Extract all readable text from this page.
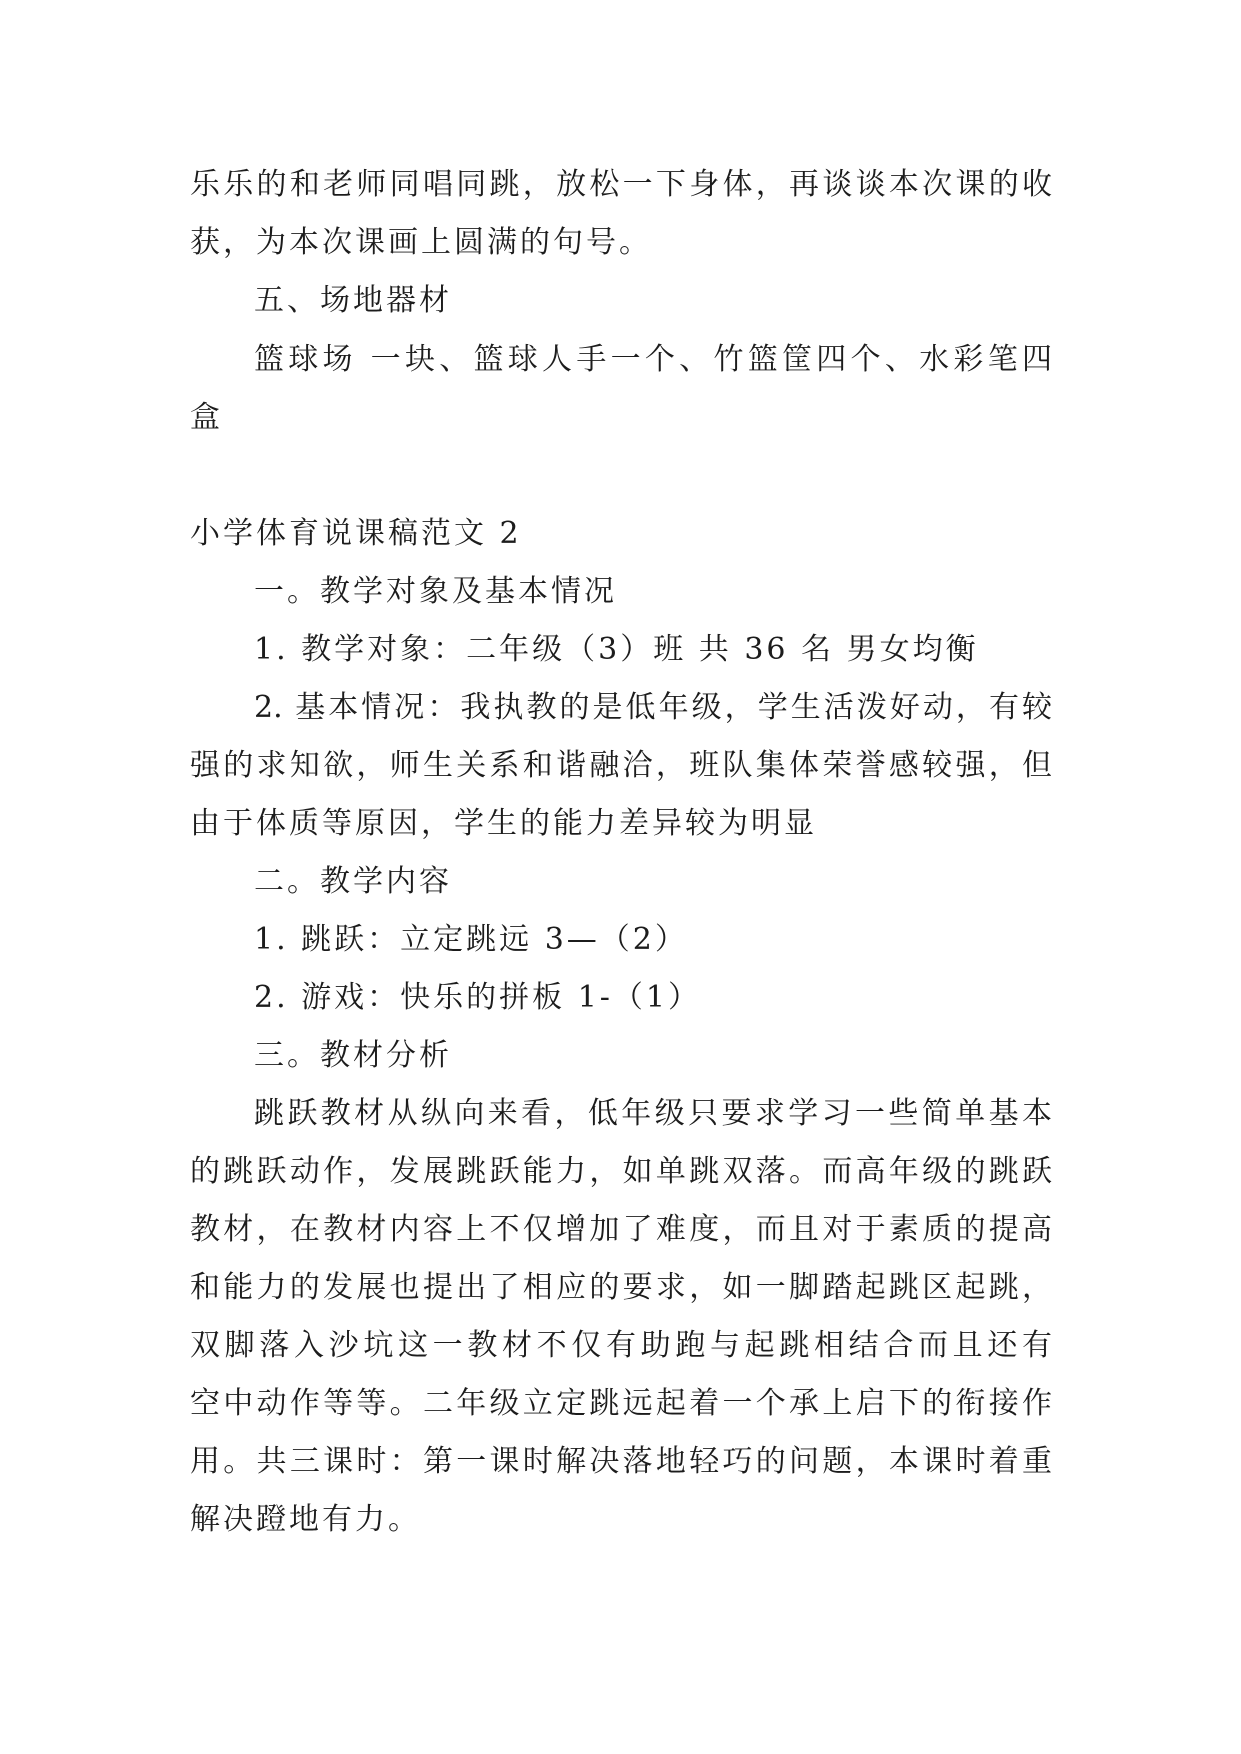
乐乐的和老师同唱同跳，放松一下身体，再谈谈本次课的收
获，为本次课画上圆满的句号。
五、场地器材
篮球场 一块、篮球人手一个、竹篮筐四个、水彩笔四
盒
小学体育说课稿范文 2
一。教学对象及基本情况
1. 教学对象：二年级（3）班 共 36 名 男女均衡
2. 基本情况：我执教的是低年级，学生活泼好动，有较
强的求知欲，师生关系和谐融洽，班队集体荣誉感较强，但
由于体质等原因，学生的能力差异较为明显
二。教学内容
1. 跳跃：立定跳远 3—（2）
2. 游戏：快乐的拼板 1-（1）
三。教材分析
跳跃教材从纵向来看，低年级只要求学习一些简单基本
的跳跃动作，发展跳跃能力，如单跳双落。而高年级的跳跃
教材，在教材内容上不仅增加了难度，而且对于素质的提高
和能力的发展也提出了相应的要求，如一脚踏起跳区起跳，
双脚落入沙坑这一教材不仅有助跑与起跳相结合而且还有
空中动作等等。二年级立定跳远起着一个承上启下的衔接作
用。共三课时：第一课时解决落地轻巧的问题，本课时着重
解决蹬地有力。
